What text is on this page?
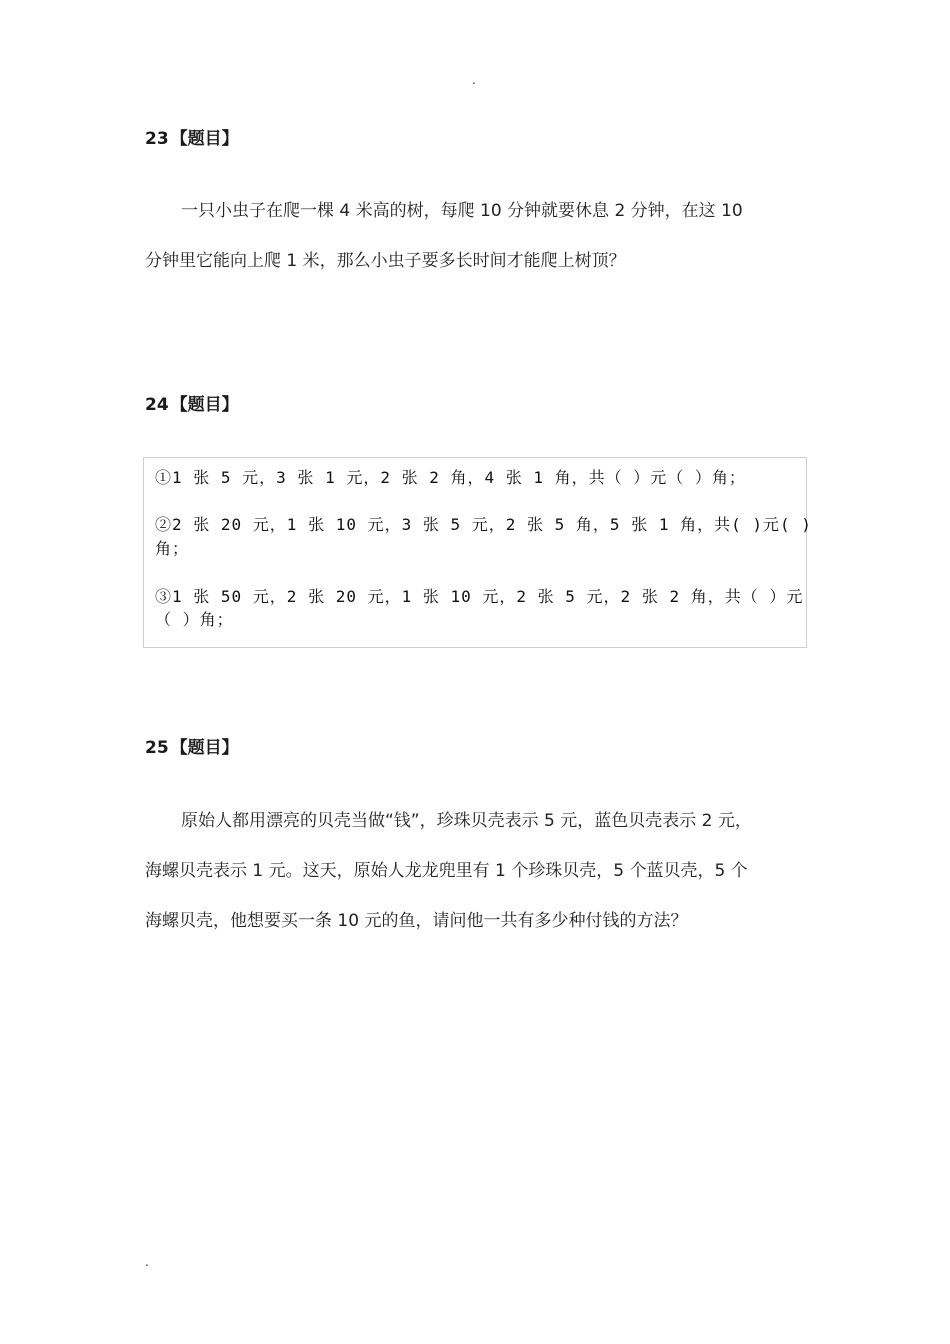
.
23 【题目】
一只小虫子在爬一棵 4 米高的树，每爬 10 分钟就要休息 2 分钟，在这 10
分钟里它能向上爬 1 米，那么小虫子要多长时间才能爬上树顶？
24 【题目】
①1 张 5 元，3 张 1 元，2 张 2 角，4 张 1 角，共（ ）元（ ）角；
②2 张 20 元，1 张 10 元，3 张 5 元，2 张 5 角，5 张 1 角，共( )元( )
角；
③1 张 50 元，2 张 20 元，1 张 10 元，2 张 5 元，2 张 2 角，共（ ）元
（ ）角；
25 【题目】
原始人都用漂亮的贝壳当做“钱”，珍珠贝壳表示 5 元，蓝色贝壳表示 2 元，
海螺贝壳表示 1 元。这天，原始人龙龙兜里有 1 个珍珠贝壳，5 个蓝贝壳，5 个
海螺贝壳，他想要买一条 10 元的鱼，请问他一共有多少种付钱的方法？
.
